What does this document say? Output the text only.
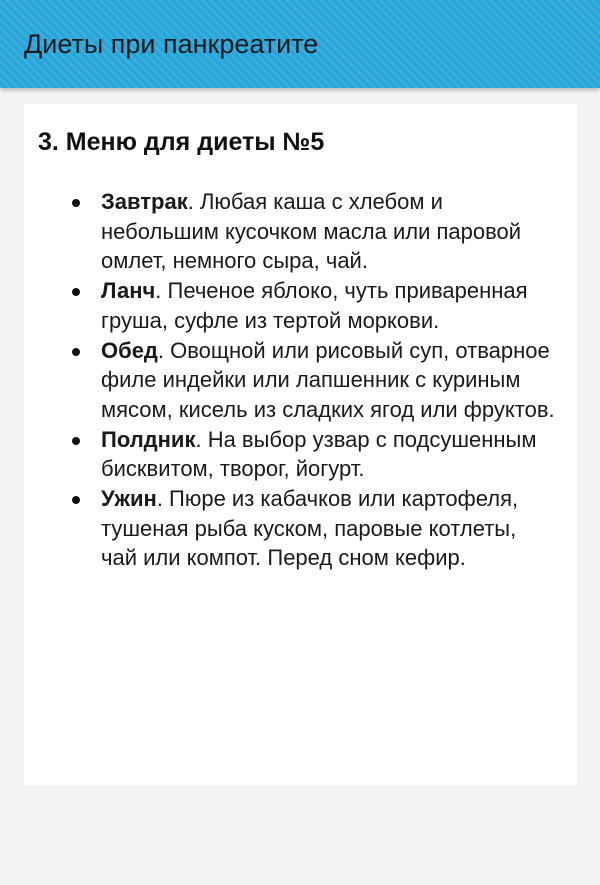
Диеты при панкреатите
3. Меню для диеты №5
Завтрак. Любая каша с хлебом и небольшим кусочком масла или паровой омлет, немного сыра, чай.
Ланч. Печеное яблоко, чуть приваренная груша, суфле из тертой моркови.
Обед. Овощной или рисовый суп, отварное филе индейки или лапшенник с куриным мясом, кисель из сладких ягод или фруктов.
Полдник. На выбор узвар с подсушенным бисквитом, творог, йогурт.
Ужин. Пюре из кабачков или картофеля, тушеная рыба куском, паровые котлеты, чай или компот. Перед сном кефир.
